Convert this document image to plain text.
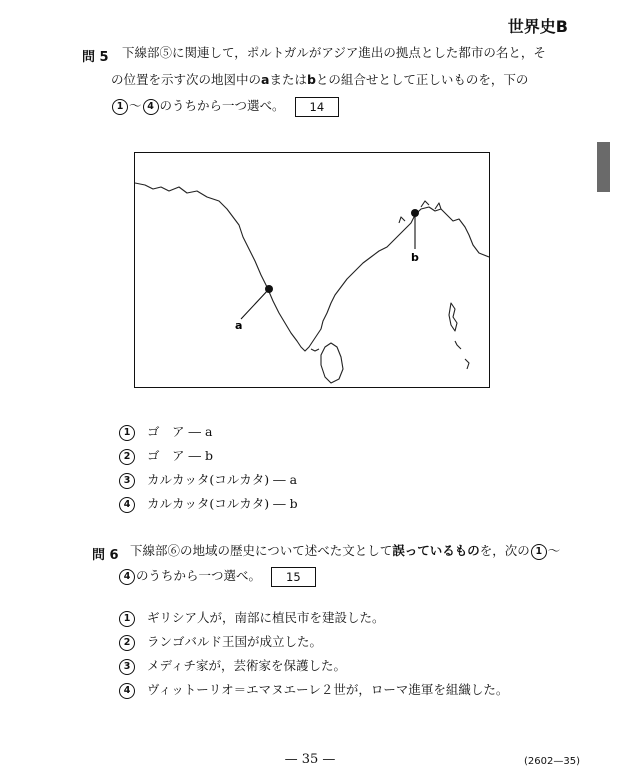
世界史B
問 5 下線部⑤に関連して，ポルトガルがアジア進出の拠点とした都市の名と，そ
の位置を示す次の地図中のaまたはbとの組合せとして正しいものを，下の
1 〜 4 のうちから一つ選べ。 14
a
b
1 ゴ　ア ― a
2 ゴ　ア ― b
3 カルカッタ(コルカタ) ― a
4 カルカッタ(コルカタ) ― b
問 6 下線部⑥の地域の歴史について述べた文として誤っているものを，次の 1 〜
4 のうちから一つ選べ。 15
1 ギリシア人が，南部に植民市を建設した。
2 ランゴバルド王国が成立した。
3 メディチ家が，芸術家を保護した。
4 ヴィットーリオ＝エマヌエーレ２世が，ローマ進軍を組織した。
— 35 —	(2602—35)
